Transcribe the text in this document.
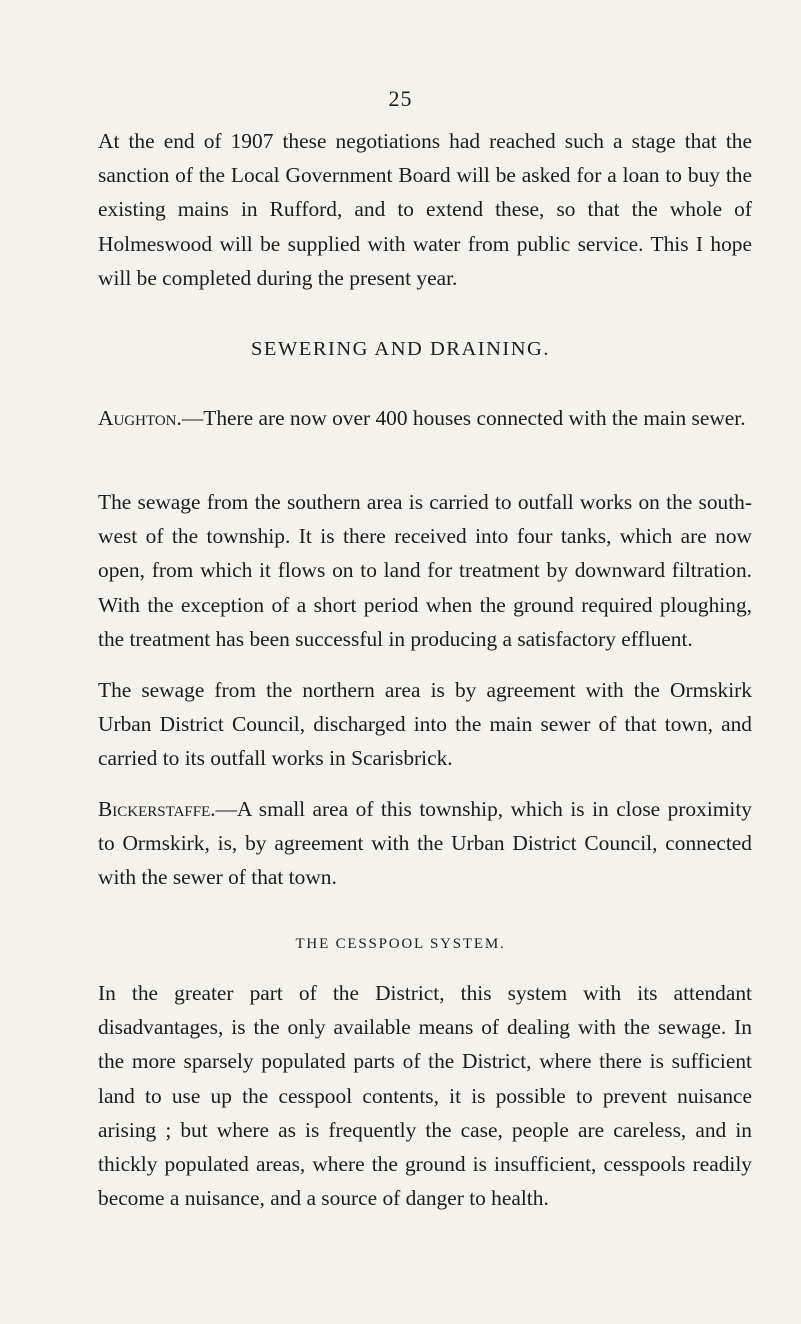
25

At the end of 1907 these negotiations had reached such a stage that the sanction of the Local Government Board will be asked for a loan to buy the existing mains in Rufford, and to extend these, so that the whole of Holmeswood will be supplied with water from public service. This I hope will be completed during the present year.

SEWERING AND DRAINING.

Aughton.—There are now over 400 houses connected with the main sewer.

The sewage from the southern area is carried to outfall works on the south-west of the township. It is there received into four tanks, which are now open, from which it flows on to land for treatment by downward filtration. With the exception of a short period when the ground required ploughing, the treatment has been successful in producing a satisfactory effluent.

The sewage from the northern area is by agreement with the Ormskirk Urban District Council, discharged into the main sewer of that town, and carried to its outfall works in Scarisbrick.

Bickerstaffe.—A small area of this township, which is in close proximity to Ormskirk, is, by agreement with the Urban District Council, connected with the sewer of that town.

THE CESSPOOL SYSTEM.

In the greater part of the District, this system with its attendant disadvantages, is the only available means of dealing with the sewage. In the more sparsely populated parts of the District, where there is sufficient land to use up the cesspool contents, it is possible to prevent nuisance arising ; but where as is frequently the case, people are careless, and in thickly populated areas, where the ground is insufficient, cesspools readily become a nuisance, and a source of danger to health.
